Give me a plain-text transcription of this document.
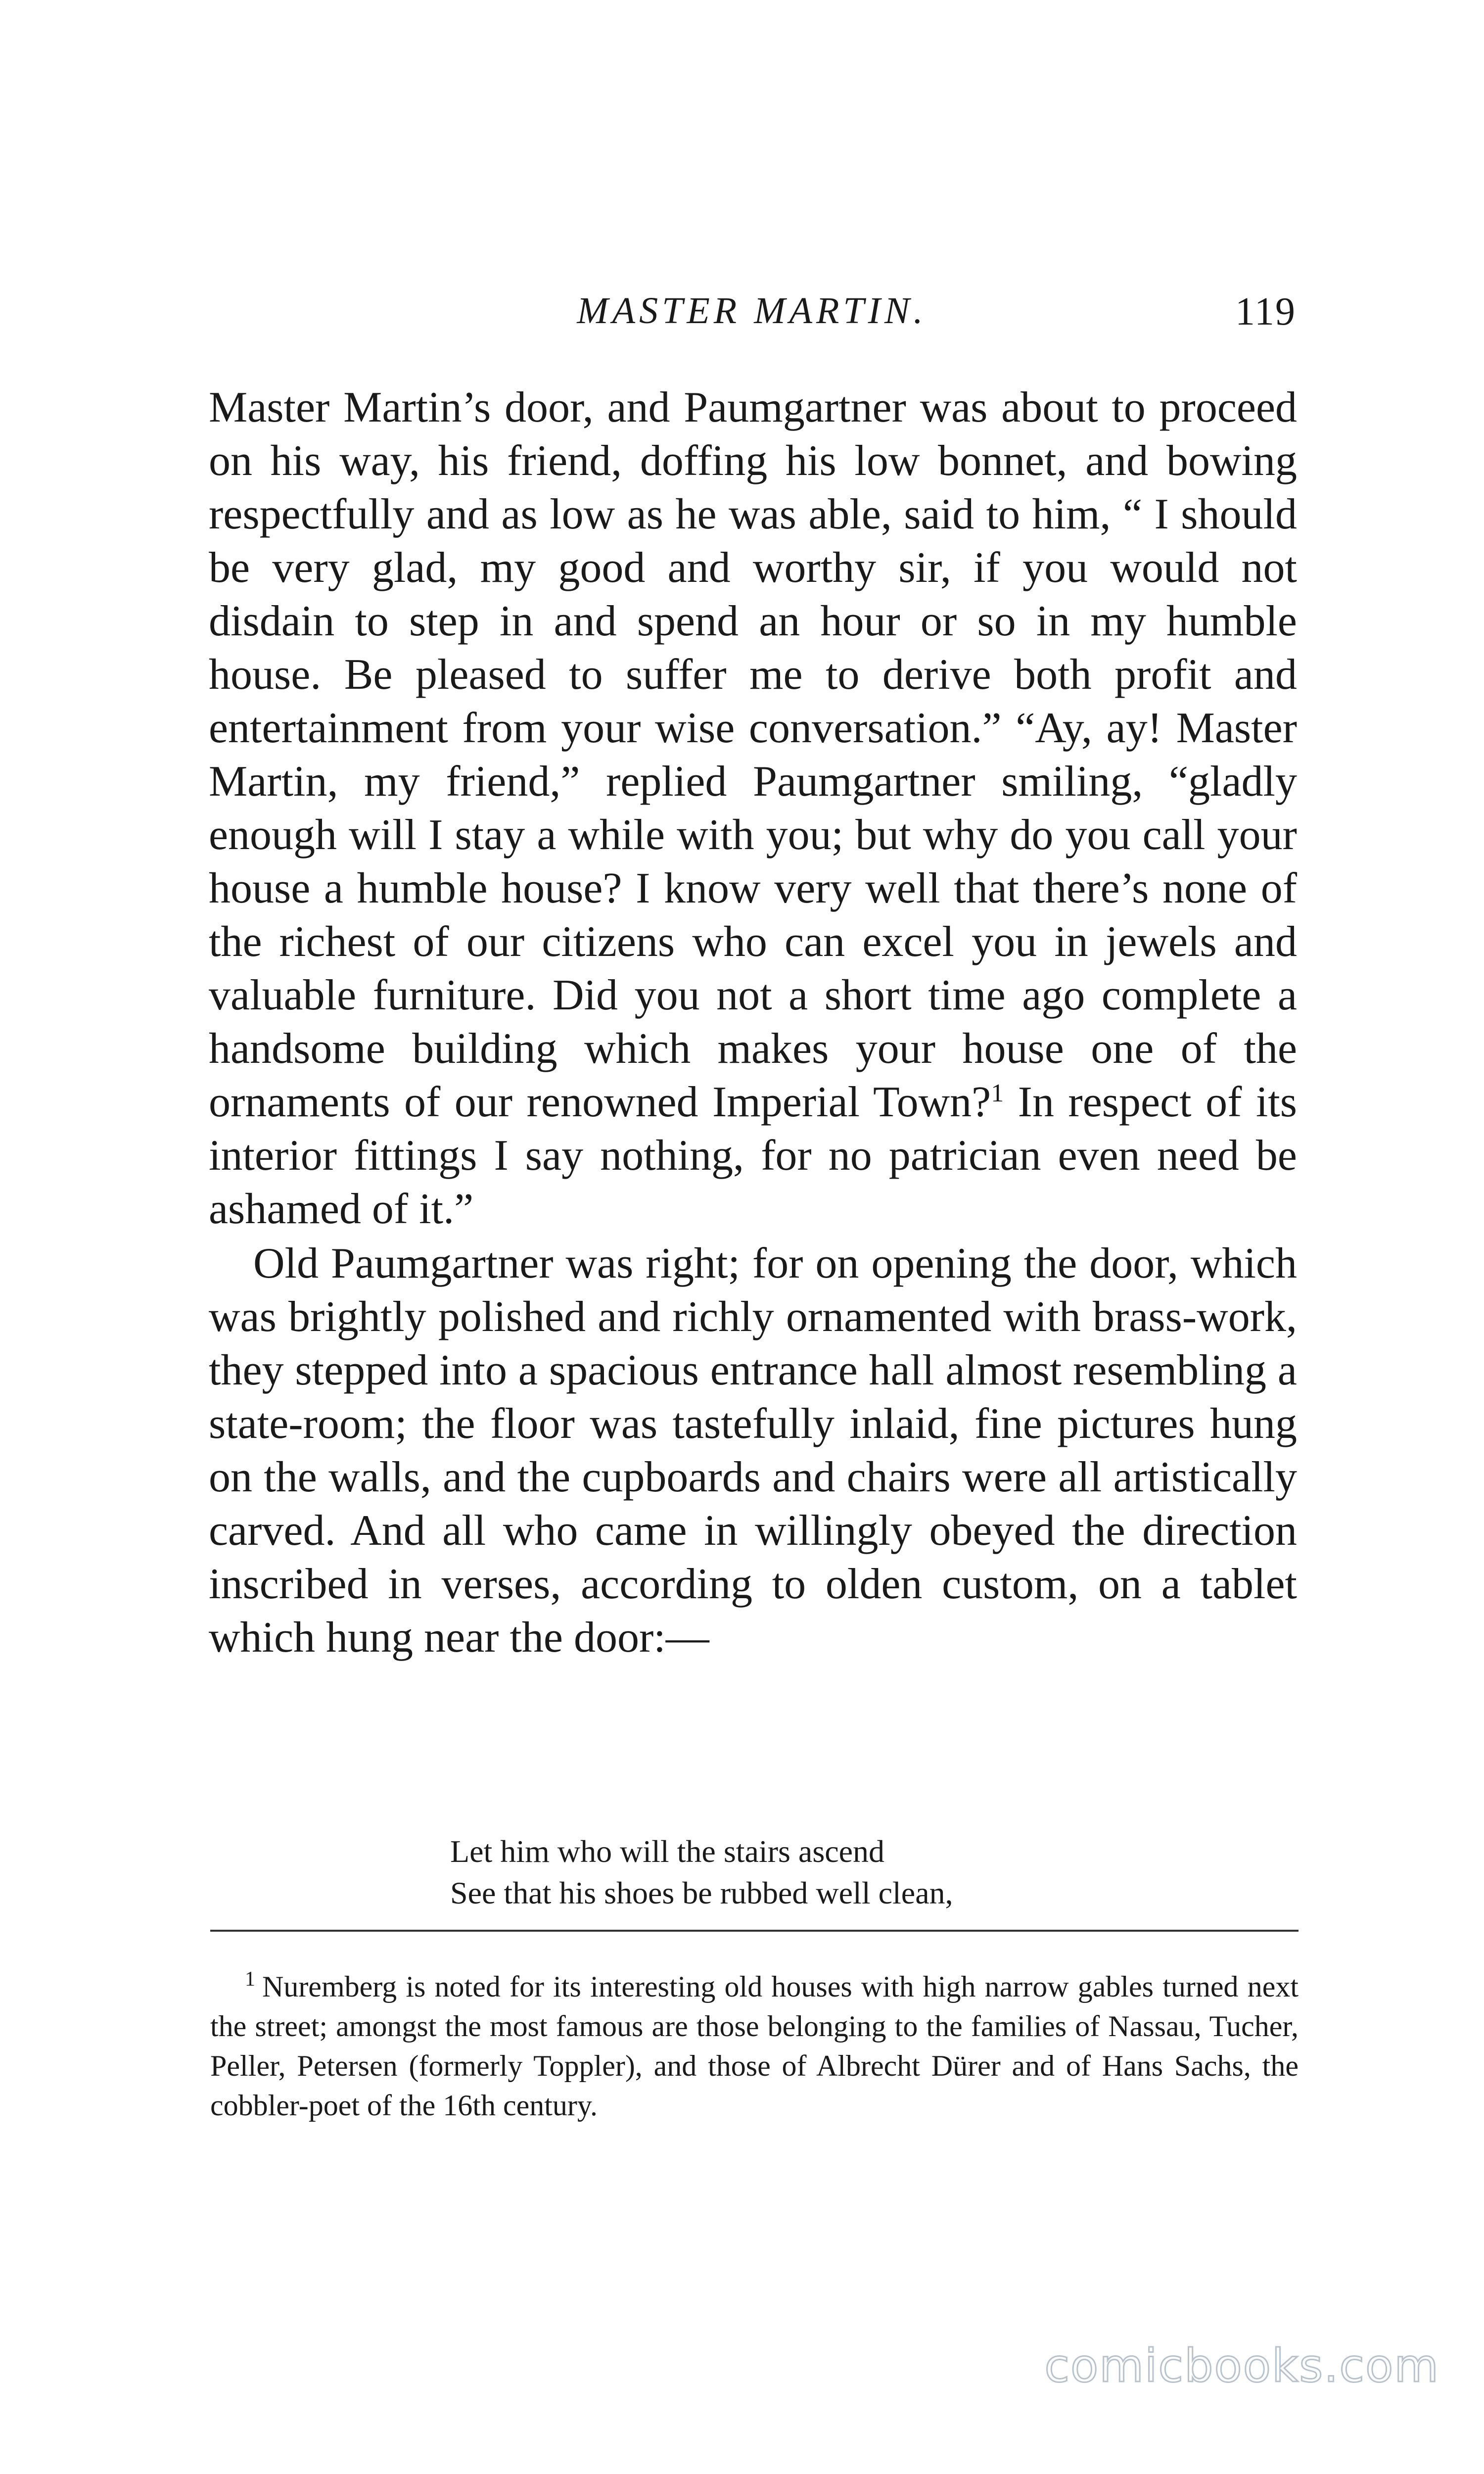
MASTER MARTIN.	119

Master Martin’s door, and Paumgartner was about to proceed on his way, his friend, doffing his low bonnet, and bowing respectfully and as low as he was able, said to him, “ I should be very glad, my good and worthy sir, if you would not disdain to step in and spend an hour or so in my humble house. Be pleased to suffer me to derive both profit and entertainment from your wise conversation.” “Ay, ay! Master Martin, my friend,” replied Paumgartner smiling, “gladly enough will I stay a while with you; but why do you call your house a humble house? I know very well that there’s none of the richest of our citizens who can excel you in jewels and valuable furniture. Did you not a short time ago complete a handsome building which makes your house one of the ornaments of our renowned Imperial Town?$^1$ In respect of its interior fittings I say nothing, for no patrician even need be ashamed of it.”

Old Paumgartner was right; for on opening the door, which was brightly polished and richly ornamented with brass-work, they stepped into a spacious entrance hall almost resembling a state-room; the floor was tastefully inlaid, fine pictures hung on the walls, and the cupboards and chairs were all artistically carved. And all who came in willingly obeyed the direction inscribed in verses, according to olden custom, on a tablet which hung near the door:—

Let him who will the stairs ascend
See that his shoes be rubbed well clean,

$^1$ Nuremberg is noted for its interesting old houses with high narrow gables turned next the street; amongst the most famous are those belonging to the families of Nassau, Tucher, Peller, Petersen (formerly Toppler), and those of Albrecht Dürer and of Hans Sachs, the cobbler-poet of the 16th century.

comicbooks.com
